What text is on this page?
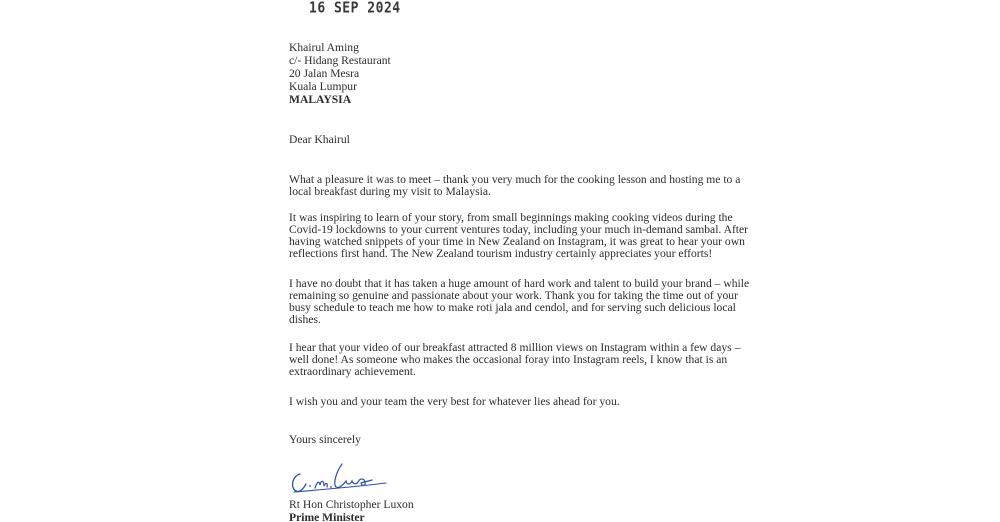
16 SEP 2024
Khairul Aming
c/- Hidang Restaurant
20 Jalan Mesra
Kuala Lumpur
MALAYSIA
Dear Khairul
What a pleasure it was to meet – thank you very much for the cooking lesson and hosting me to a
local breakfast during my visit to Malaysia.
It was inspiring to learn of your story, from small beginnings making cooking videos during the
Covid-19 lockdowns to your current ventures today, including your much in-demand sambal. After
having watched snippets of your time in New Zealand on Instagram, it was great to hear your own
reflections first hand. The New Zealand tourism industry certainly appreciates your efforts!
I have no doubt that it has taken a huge amount of hard work and talent to build your brand – while
remaining so genuine and passionate about your work. Thank you for taking the time out of your
busy schedule to teach me how to make roti jala and cendol, and for serving such delicious local
dishes.
I hear that your video of our breakfast attracted 8 million views on Instagram within a few days –
well done! As someone who makes the occasional foray into Instagram reels, I know that is an
extraordinary achievement.
I wish you and your team the very best for whatever lies ahead for you.
Yours sincerely
Rt Hon Christopher Luxon
Prime Minister
